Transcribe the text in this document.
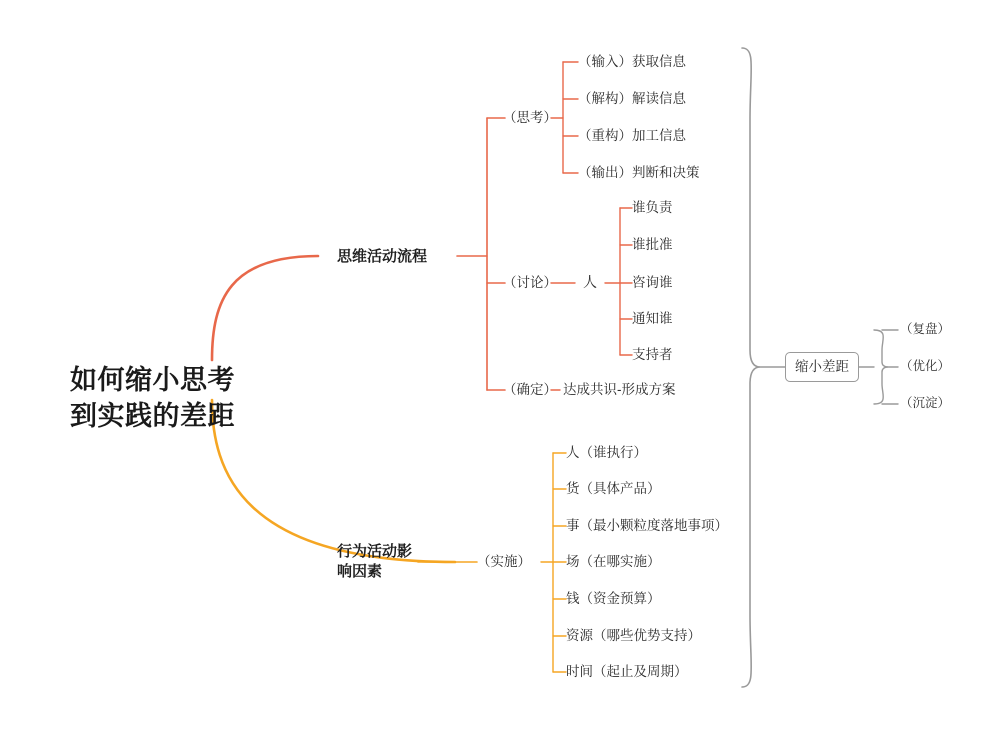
如何缩小思考
到实践的差距
思维活动流程
（思考）
（输入）获取信息
（解构）解读信息
（重构）加工信息
（输出）判断和决策
（讨论） 人
谁负责
谁批准
咨询谁
通知谁
支持者
（确定） 达成共识-形成方案
行为活动影
响因素
（实施）
人（谁执行）
货（具体产品）
事（最小颗粒度落地事项）
场（在哪实施）
钱（资金预算）
资源（哪些优势支持）
时间（起止及周期）
缩小差距
（复盘）
（优化）
（沉淀）
